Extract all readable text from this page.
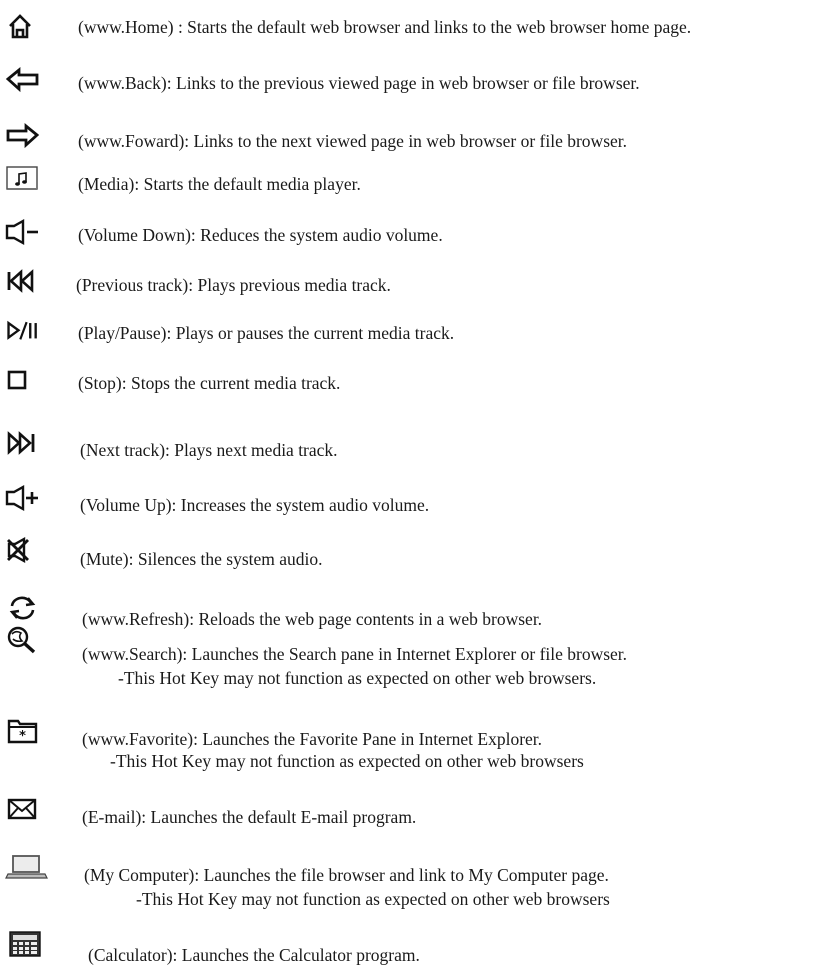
(www.Home) : Starts the default web browser and links to the web browser home page.
(www.Back): Links to the previous viewed page in web browser or file browser.
(www.Foward): Links to the next viewed page in web browser or file browser.
(Media): Starts the default media player.
(Volume Down): Reduces the system audio volume.
(Previous track): Plays previous media track.
(Play/Pause): Plays or pauses the current media track.
(Stop): Stops the current media track.
(Next track): Plays next media track.
(Volume Up): Increases the system audio volume.
(Mute): Silences the system audio.
(www.Refresh): Reloads the web page contents in a web browser.
(www.Search): Launches the Search pane in Internet Explorer or file browser.
-This Hot Key may not function as expected on other web browsers.
*	(www.Favorite): Launches the Favorite Pane in Internet Explorer.
-This Hot Key may not function as expected on other web browsers
(E-mail): Launches the default E-mail program.
(My Computer): Launches the file browser and link to My Computer page.
-This Hot Key may not function as expected on other web browsers
(Calculator): Launches the Calculator program.
